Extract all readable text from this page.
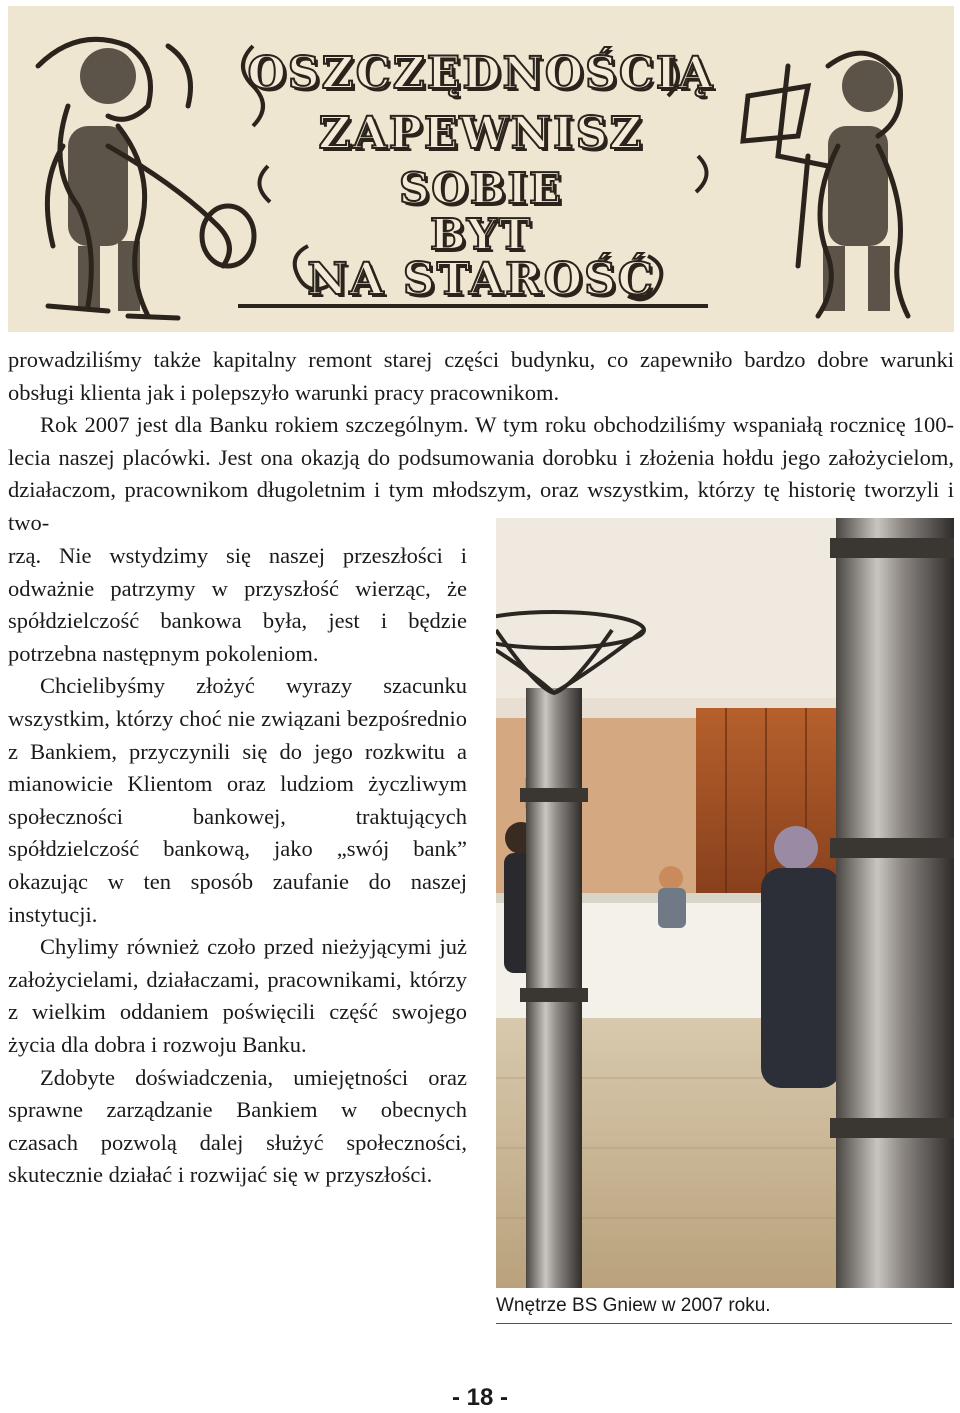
OSZCZĘDNOŚCIĄ
ZAPEWNISZ
SOBIE
BYT
NA STAROŚĆ

prowadziliśmy także kapitalny remont starej części budynku, co zapewniło bardzo dobre warunki obsługi klienta jak i polepszyło warunki pracy pracownikom.

Rok 2007 jest dla Banku rokiem szczególnym. W tym roku obchodziliśmy wspaniałą rocznicę 100-lecia naszej placówki. Jest ona okazją do podsumowania dorobku i złożenia hołdu jego założycielom, działaczom, pracownikom długoletnim i tym młodszym, oraz wszystkim, którzy tę historię tworzyli i two-

rzą. Nie wstydzimy się naszej przeszłości i odważnie patrzymy w przyszłość wierząc, że spółdzielczość bankowa była, jest i będzie potrzebna następnym pokoleniom.

Chcielibyśmy złożyć wyrazy szacunku wszystkim, którzy choć nie związani bezpośrednio z Bankiem, przyczynili się do jego rozkwitu a mianowicie Klientom oraz ludziom życzliwym społeczności bankowej, traktujących spółdzielczość bankową, jako „swój bank” okazując w ten sposób zaufanie do naszej instytucji.

Chylimy również czoło przed nieżyjącymi już założycielami, działaczami, pracownikami, którzy z wielkim oddaniem poświęcili część swojego życia dla dobra i rozwoju Banku.

Zdobyte doświadczenia, umiejętności oraz sprawne zarządzanie Bankiem w obecnych czasach pozwolą dalej służyć społeczności, skutecznie działać i rozwijać się w przyszłości.

Wnętrze BS Gniew w 2007 roku.
- 18 -
